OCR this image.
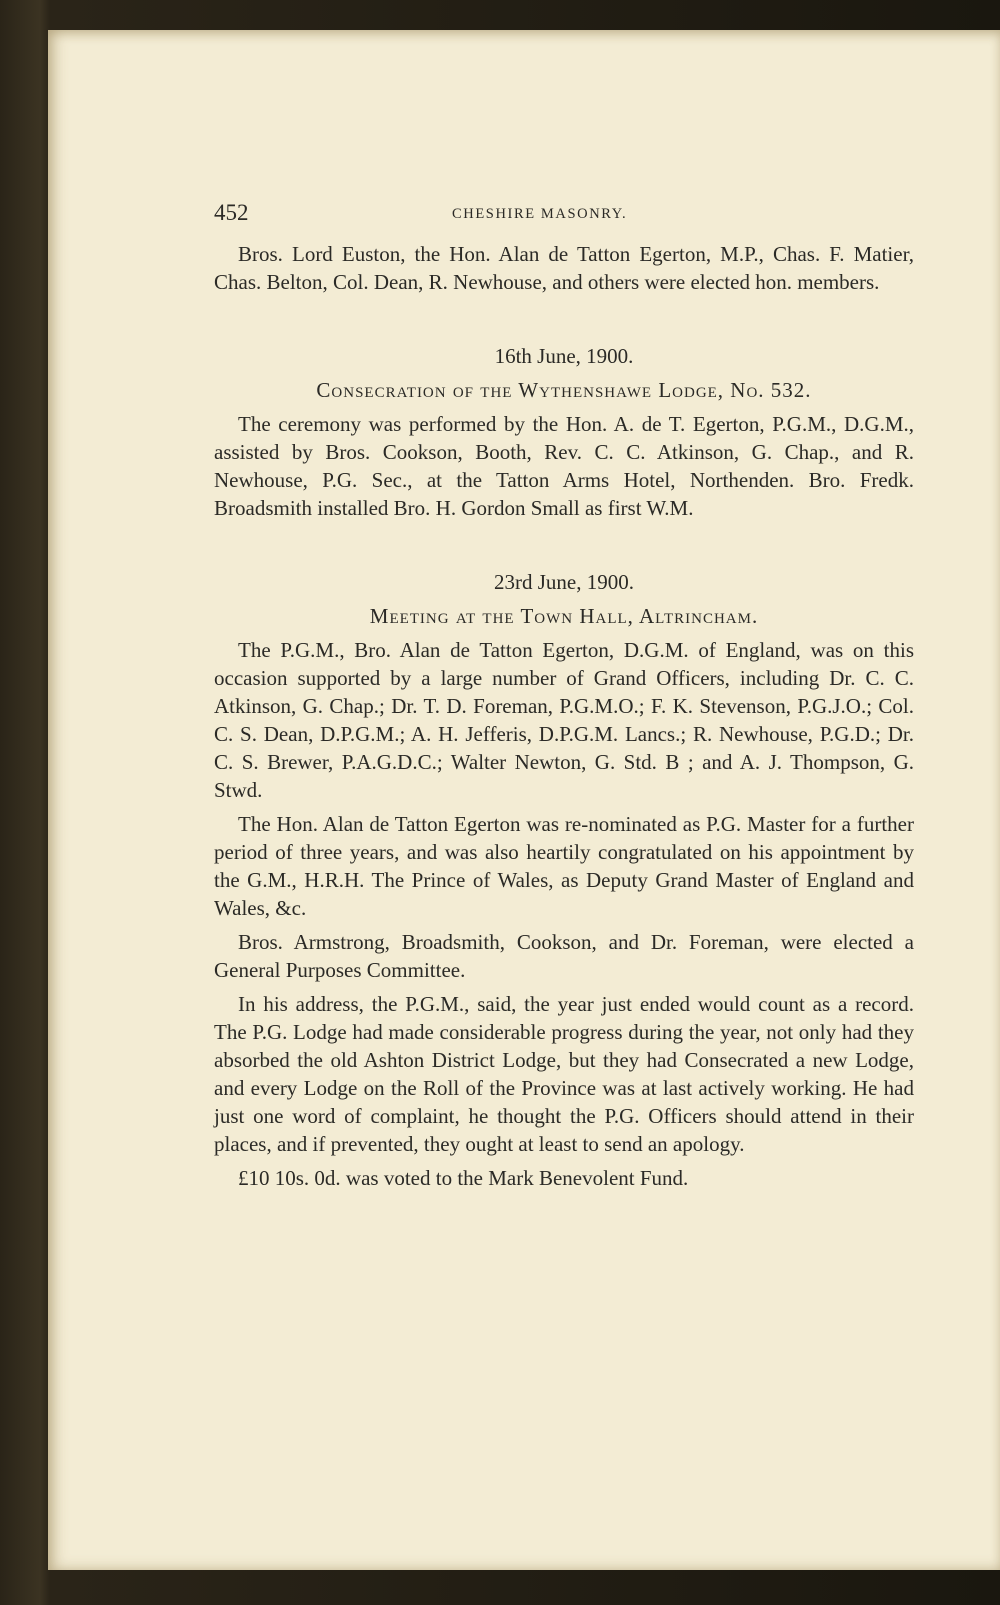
452	CHESHIRE MASONRY.

Bros. Lord Euston, the Hon. Alan de Tatton Egerton, M.P., Chas. F. Matier, Chas. Belton, Col. Dean, R. Newhouse, and others were elected hon. members.

16th June, 1900.

Consecration of the Wythenshawe Lodge, No. 532.

The ceremony was performed by the Hon. A. de T. Egerton, P.G.M., D.G.M., assisted by Bros. Cookson, Booth, Rev. C. C. Atkinson, G. Chap., and R. Newhouse, P.G. Sec., at the Tatton Arms Hotel, Northenden. Bro. Fredk. Broadsmith installed Bro. H. Gordon Small as first W.M.

23rd June, 1900.

Meeting at the Town Hall, Altrincham.

The P.G.M., Bro. Alan de Tatton Egerton, D.G.M. of England, was on this occasion supported by a large number of Grand Officers, including Dr. C. C. Atkinson, G. Chap.; Dr. T. D. Foreman, P.G.M.O.; F. K. Stevenson, P.G.J.O.; Col. C. S. Dean, D.P.G.M.; A. H. Jefferis, D.P.G.M. Lancs.; R. Newhouse, P.G.D.; Dr. C. S. Brewer, P.A.G.D.C.; Walter Newton, G. Std. B ; and A. J. Thompson, G. Stwd.

The Hon. Alan de Tatton Egerton was re-nominated as P.G. Master for a further period of three years, and was also heartily congratulated on his appointment by the G.M., H.R.H. The Prince of Wales, as Deputy Grand Master of England and Wales, &c.

Bros. Armstrong, Broadsmith, Cookson, and Dr. Foreman, were elected a General Purposes Committee.

In his address, the P.G.M., said, the year just ended would count as a record. The P.G. Lodge had made considerable progress during the year, not only had they absorbed the old Ashton District Lodge, but they had Consecrated a new Lodge, and every Lodge on the Roll of the Province was at last actively working. He had just one word of complaint, he thought the P.G. Officers should attend in their places, and if prevented, they ought at least to send an apology.

£10 10s. 0d. was voted to the Mark Benevolent Fund.
